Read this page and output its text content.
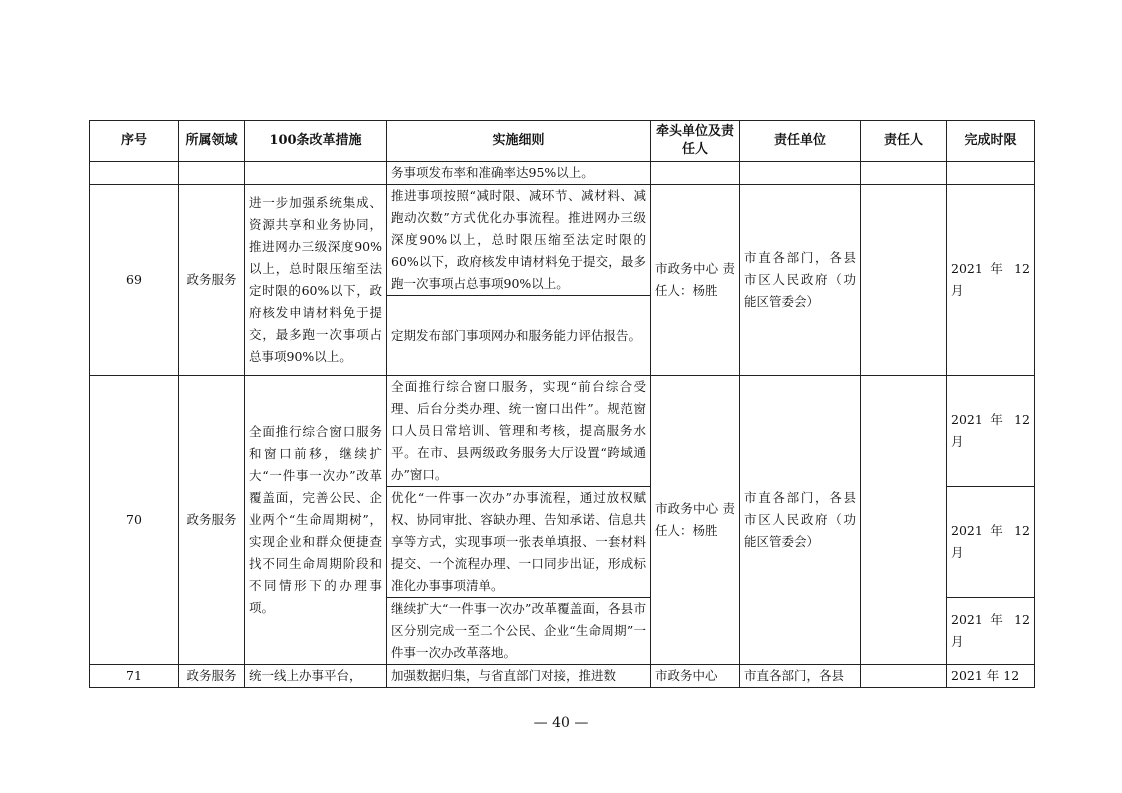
序号	所属领域	100条改革措施	实施细则	牵头单位及责任人	责任单位	责任人	完成时限
			务事项发布率和准确率达95%以上。				
69	政务服务	进一步加强系统集成、资源共享和业务协同，推进网办三级深度90%以上，总时限压缩至法定时限的60%以下，政府核发申请材料免于提交，最多跑一次事项占总事项90%以上。	推进事项按照“减时限、减环节、减材料、减跑动次数”方式优化办事流程。推进网办三级深度90%以上，总时限压缩至法定时限的60%以下，政府核发申请材料免于提交，最多跑一次事项占总事项90%以上。	市政务中心 责任人：杨胜	市直各部门，各县市区人民政府（功能区管委会）		2021 年 12 月
			定期发布部门事项网办和服务能力评估报告。				
70	政务服务	全面推行综合窗口服务和窗口前移，继续扩大“一件事一次办”改革覆盖面，完善公民、企业两个“生命周期树”，实现企业和群众便捷查找不同生命周期阶段和不同情形下的办理事项。	全面推行综合窗口服务，实现“前台综合受理、后台分类办理、统一窗口出件”。规范窗口人员日常培训、管理和考核，提高服务水平。在市、县两级政务服务大厅设置“跨域通办”窗口。	市政务中心 责任人：杨胜	市直各部门，各县市区人民政府（功能区管委会）		2021 年 12 月
			优化“一件事一次办”办事流程，通过放权赋权、协同审批、容缺办理、告知承诺、信息共享等方式，实现事项一张表单填报、一套材料提交、一个流程办理、一口同步出证，形成标准化办事事项清单。				2021 年 12 月
			继续扩大“一件事一次办”改革覆盖面，各县市区分别完成一至二个公民、企业“生命周期”一件事一次办改革落地。				2021 年 12 月
71	政务服务	统一线上办事平台，	加强数据归集，与省直部门对接，推进数	市政务中心	市直各部门，各县		2021 年 12
— 40 —
